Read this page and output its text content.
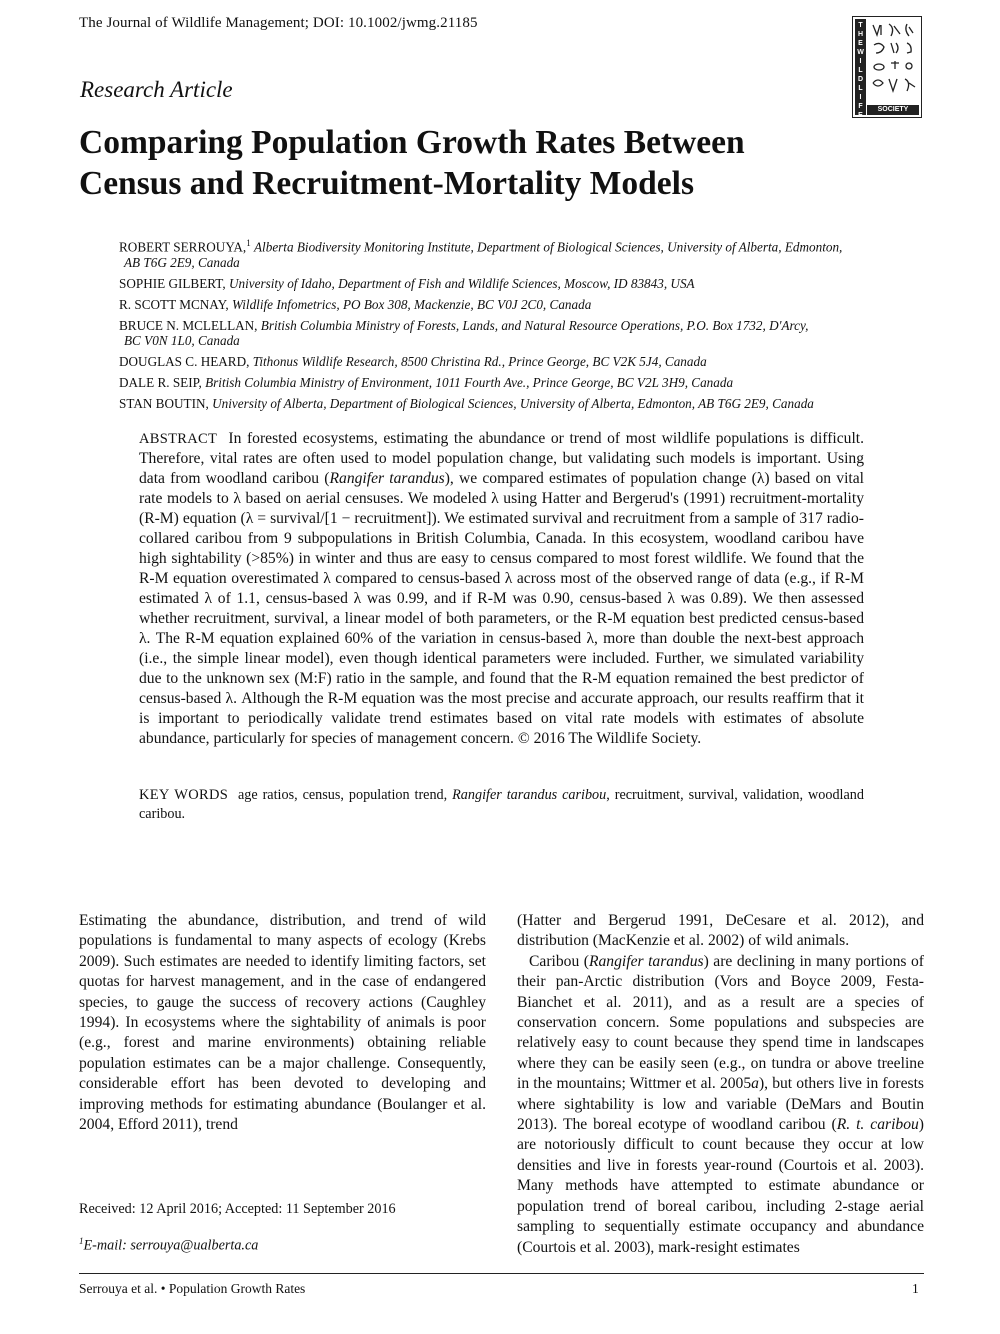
The Journal of Wildlife Management; DOI: 10.1002/jwmg.21185	T
H
E
W
I
L
D
L
I
F
E
SOCIETY
Research Article
Comparing Population Growth Rates Between
Census and Recruitment-Mortality Models
ROBERT SERROUYA,$^1$ Alberta Biodiversity Monitoring Institute, Department of Biological Sciences, University of Alberta, Edmonton,
AB T6G 2E9, Canada
SOPHIE GILBERT, University of Idaho, Department of Fish and Wildlife Sciences, Moscow, ID 83843, USA
R. SCOTT MCNAY, Wildlife Infometrics, PO Box 308, Mackenzie, BC V0J 2C0, Canada
BRUCE N. MCLELLAN, British Columbia Ministry of Forests, Lands, and Natural Resource Operations, P.O. Box 1732, D'Arcy,
BC V0N 1L0, Canada
DOUGLAS C. HEARD, Tithonus Wildlife Research, 8500 Christina Rd., Prince George, BC V2K 5J4, Canada
DALE R. SEIP, British Columbia Ministry of Environment, 1011 Fourth Ave., Prince George, BC V2L 3H9, Canada
STAN BOUTIN, University of Alberta, Department of Biological Sciences, University of Alberta, Edmonton, AB T6G 2E9, Canada
ABSTRACT In forested ecosystems, estimating the abundance or trend of most wildlife populations is difficult. Therefore, vital rates are often used to model population change, but validating such models is important. Using data from woodland caribou (Rangifer tarandus), we compared estimates of population change (λ) based on vital rate models to λ based on aerial censuses. We modeled λ using Hatter and Bergerud's (1991) recruitment-mortality (R-M) equation (λ = survival/[1 − recruitment]). We estimated survival and recruitment from a sample of 317 radio-collared caribou from 9 subpopulations in British Columbia, Canada. In this ecosystem, woodland caribou have high sightability (>85%) in winter and thus are easy to census compared to most forest wildlife. We found that the R-M equation overestimated λ compared to census-based λ across most of the observed range of data (e.g., if R-M estimated λ of 1.1, census-based λ was 0.99, and if R-M was 0.90, census-based λ was 0.89). We then assessed whether recruitment, survival, a linear model of both parameters, or the R-M equation best predicted census-based λ. The R-M equation explained 60% of the variation in census-based λ, more than double the next-best approach (i.e., the simple linear model), even though identical parameters were included. Further, we simulated variability due to the unknown sex (M:F) ratio in the sample, and found that the R-M equation remained the best predictor of census-based λ. Although the R-M equation was the most precise and accurate approach, our results reaffirm that it is important to periodically validate trend estimates based on vital rate models with estimates of absolute abundance, particularly for species of management concern. © 2016 The Wildlife Society.
KEY WORDS age ratios, census, population trend, Rangifer tarandus caribou, recruitment, survival, validation, woodland caribou.
Estimating the abundance, distribution, and trend of wild populations is fundamental to many aspects of ecology (Krebs 2009). Such estimates are needed to identify limiting factors, set quotas for harvest management, and in the case of endangered species, to gauge the success of recovery actions (Caughley 1994). In ecosystems where the sightability of animals is poor (e.g., forest and marine environments) obtaining reliable population estimates can be a major challenge. Consequently, considerable effort has been devoted to developing and improving methods for estimating abundance (Boulanger et al. 2004, Efford 2011), trend

(Hatter and Bergerud 1991, DeCesare et al. 2012), and distribution (MacKenzie et al. 2002) of wild animals.

Caribou (Rangifer tarandus) are declining in many portions of their pan-Arctic distribution (Vors and Boyce 2009, Festa-Bianchet et al. 2011), and as a result are a species of conservation concern. Some populations and subspecies are relatively easy to count because they spend time in landscapes where they can be easily seen (e.g., on tundra or above treeline in the mountains; Wittmer et al. 2005a), but others live in forests where sightability is low and variable (DeMars and Boutin 2013). The boreal ecotype of woodland caribou (R. t. caribou) are notoriously difficult to count because they occur at low densities and live in forests year-round (Courtois et al. 2003). Many methods have attempted to estimate abundance or population trend of boreal caribou, including 2-stage aerial sampling to sequentially estimate occupancy and abundance (Courtois et al. 2003), mark-resight estimates

Received: 12 April 2016; Accepted: 11 September 2016
$^1$E-mail: serrouya@ualberta.ca
Serrouya et al. • Population Growth Rates	1
